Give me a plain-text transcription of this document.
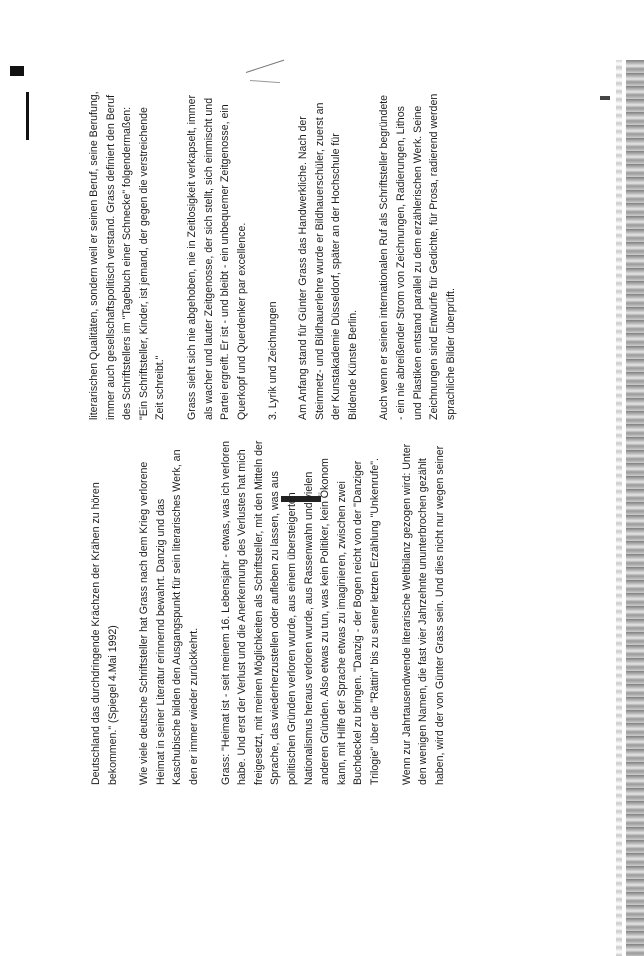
Deutschland das durchdringende Krächzen der Krähen zu hören bekommen." (Spiegel 4.Mai 1992) Wie viele deutsche Schriftsteller hat Grass nach dem Krieg verlorene Heimat in seiner Literatur erinnernd bewahrt. Danzig und das Kaschubische bilden den Ausgangspunkt für sein literarisches Werk, an den er immer wieder zurückkehrt. Grass: "Heimat ist - seit meinem 16. Lebensjahr - etwas, was ich verloren habe. Und erst der Verlust und die Anerkennung des Verlustes hat mich freigesetzt, mit meinen Möglichkeiten als Schriftsteller, mit den Mitteln der Sprache, das wiederherzustellen oder aufleben zu lassen, was aus politischen Gründen verloren wurde, aus einem übersteigerten Nationalismus heraus verloren wurde, aus Rassenwahn und vielen anderen Gründen. Also etwas zu tun, was kein Politiker, kein Ökonom kann, mit Hilfe der Sprache etwas zu imaginieren, zwischen zwei Buchdeckel zu bringen. "Danzig - der Bogen reicht von der "Danziger Trilogie" über die "Rättin" bis zu seiner letzten Erzählung "Unkenrufe". Wenn zur Jahrtausendwende literarische Weltbilanz gezogen wird: Unter den wenigen Namen, die fast vier Jahrzehnte ununterbrochen gezählt haben, wird der von Günter Grass sein. Und dies nicht nur wegen seiner

literarischen Qualitäten, sondern weil er seinen Beruf, seine Berufung, immer auch gesellschaftspolitisch verstand. Grass definiert den Beruf des Schriftstellers im "Tagebuch einer Schnecke" folgendermaßen: "Ein Schriftsteller, Kinder, ist jemand, der gegen die verstreichende Zeit schreibt." Grass sieht sich nie abgehoben, nie in Zeitlosigkeit verkapselt, immer als wacher und lauter Zeitgenosse, der sich stellt, sich einmischt und Partei ergreift. Er ist - und bleibt - ein unbequemer Zeitgenosse, ein Querkopf und Querdenker par excellence. 3. Lyrik und Zeichnungen Am Anfang stand für Günter Grass das Handwerkliche. Nach der Steinmetz- und Bildhauerlehre wurde er Bildhauerschüler, zuerst an der Kunstakademie Düsseldorf, später an der Hochschule für Bildende Künste Berlin. Auch wenn er seinen internationalen Ruf als Schriftsteller begründete - ein nie abreißender Strom von Zeichnungen, Radierungen, Lithos und Plastiken entstand parallel zu dem erzählerischen Werk. Seine Zeichnungen sind Entwürfe für Gedichte, für Prosa, radierend werden sprachliche Bilder überprüft.
